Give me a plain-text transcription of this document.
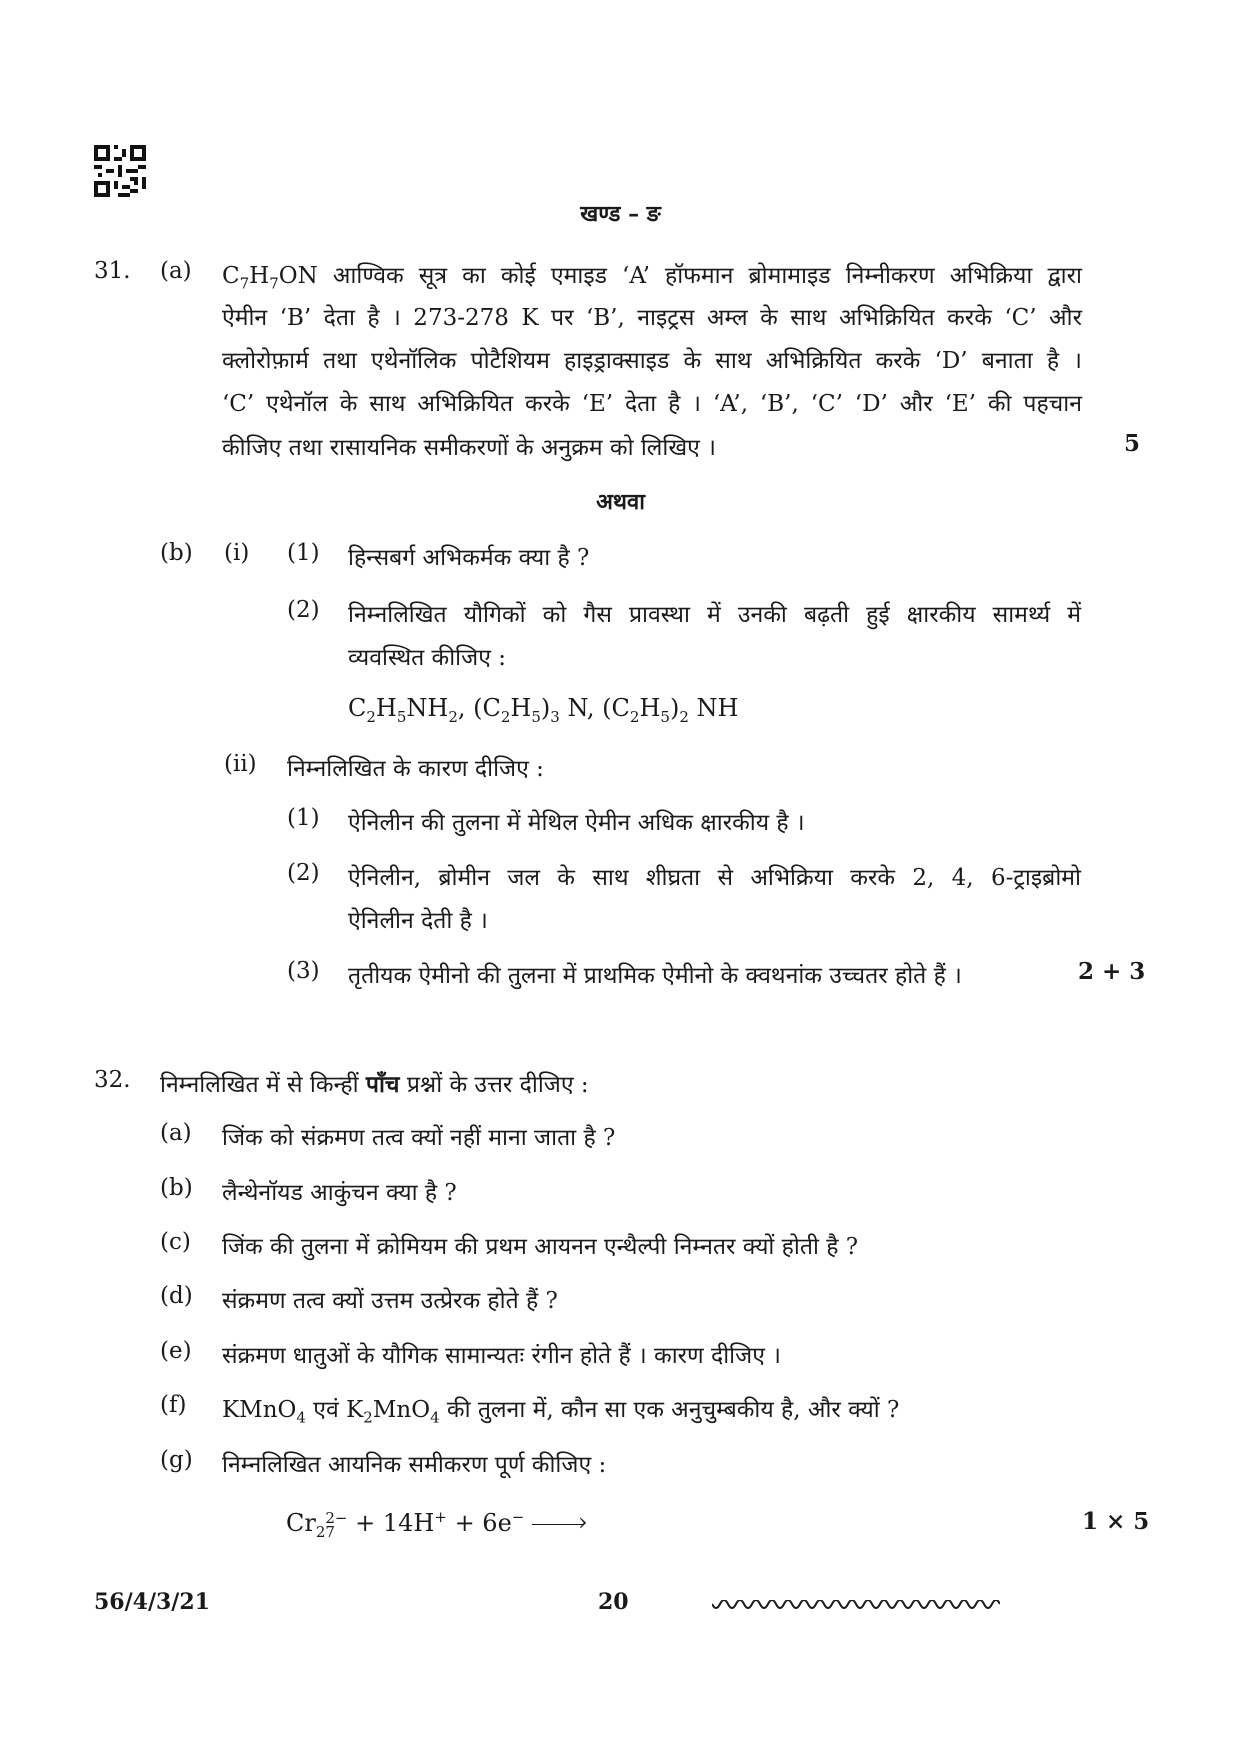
खण्ड – ङ
31. (a) $C_7H_7ON$ आण्विक सूत्र का कोई एमाइड ‘A’ हॉफमान ब्रोमामाइड निम्नीकरण अभिक्रिया द्वारा
ऐमीन ‘B’ देता है । 273-278 K पर ‘B’, नाइट्रस अम्ल के साथ अभिक्रियित करके ‘C’ और
क्लोरोफ़ार्म तथा एथेनॉलिक पोटैशियम हाइड्राक्साइड के साथ अभिक्रियित करके ‘D’ बनाता है ।
‘C’ एथेनॉल के साथ अभिक्रियित करके ‘E’ देता है । ‘A’, ‘B’, ‘C’ ‘D’ और ‘E’ की पहचान
कीजिए तथा रासायनिक समीकरणों के अनुक्रम को लिखिए ।	5
अथवा
(b) (i) (1) हिन्सबर्ग अभिकर्मक क्या है ?
(2) निम्नलिखित यौगिकों को गैस प्रावस्था में उनकी बढ़ती हुई क्षारकीय सामर्थ्य में
व्यवस्थित कीजिए :
$C_2H_5NH_2$, $(C_2H_5)_3$ N, $(C_2H_5)_2$ NH
(ii) निम्नलिखित के कारण दीजिए :
(1) ऐनिलीन की तुलना में मेथिल ऐमीन अधिक क्षारकीय है ।
(2) ऐनिलीन, ब्रोमीन जल के साथ शीघ्रता से अभिक्रिया करके 2, 4, 6-ट्राइब्रोमो
ऐनिलीन देती है ।
(3) तृतीयक ऐमीनो की तुलना में प्राथमिक ऐमीनो के क्वथनांक उच्चतर होते हैं ।	2 + 3
32. निम्नलिखित में से किन्हीं पाँच प्रश्नों के उत्तर दीजिए :
(a) जिंक को संक्रमण तत्व क्यों नहीं माना जाता है ?
(b) लैन्थेनॉयड आकुंचन क्या है ?
(c) जिंक की तुलना में क्रोमियम की प्रथम आयनन एन्थैल्पी निम्नतर क्यों होती है ?
(d) संक्रमण तत्व क्यों उत्तम उत्प्रेरक होते हैं ?
(e) संक्रमण धातुओं के यौगिक सामान्यतः रंगीन होते हैं । कारण दीजिए ।
(f) KMnO$_4$ एवं $K_2MnO_4$ की तुलना में, कौन सा एक अनुचुम्बकीय है, और क्यों ?
(g) निम्नलिखित आयनिक समीकरण पूर्ण कीजिए :
$Cr_2$
2−
7 + 14H+ + 6e− ›	1 × 5
56/4/3/21	20
